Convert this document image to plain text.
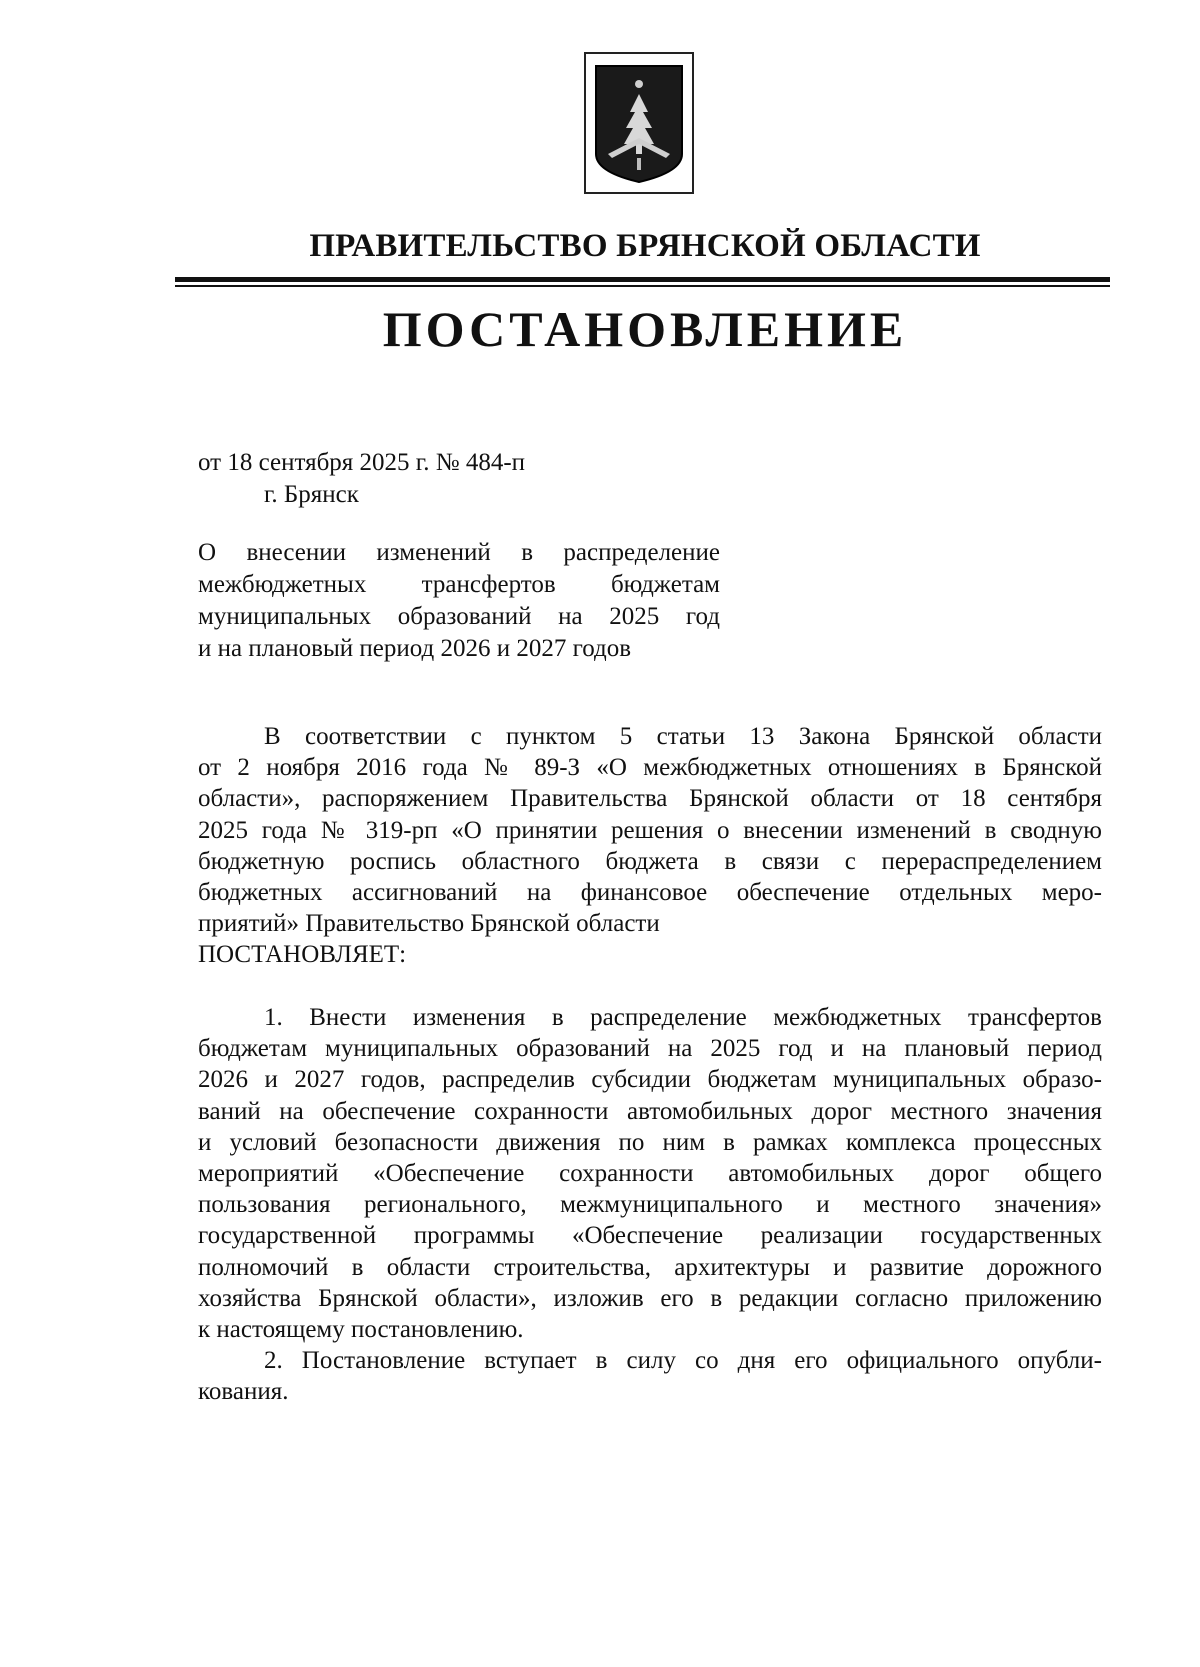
ПРАВИТЕЛЬСТВО БРЯНСКОЙ ОБЛАСТИ
ПОСТАНОВЛЕНИЕ
от 18 сентября 2025 г. № 484-п
г. Брянск
О внесении изменений в распределение
межбюджетных трансфертов бюджетам
муниципальных образований на 2025 год
и на плановый период 2026 и 2027 годов
В соответствии с пунктом 5 статьи 13 Закона Брянской области
от 2 ноября 2016 года № 89-З «О межбюджетных отношениях в Брянской
области», распоряжением Правительства Брянской области от 18 сентября
2025 года № 319-рп «О принятии решения о внесении изменений в сводную
бюджетную роспись областного бюджета в связи с перераспределением
бюджетных ассигнований на финансовое обеспечение отдельных меро-
приятий» Правительство Брянской области
ПОСТАНОВЛЯЕТ:
1. Внести изменения в распределение межбюджетных трансфертов
бюджетам муниципальных образований на 2025 год и на плановый период
2026 и 2027 годов, распределив субсидии бюджетам муниципальных образо-
ваний на обеспечение сохранности автомобильных дорог местного значения
и условий безопасности движения по ним в рамках комплекса процессных
мероприятий «Обеспечение сохранности автомобильных дорог общего
пользования регионального, межмуниципального и местного значения»
государственной программы «Обеспечение реализации государственных
полномочий в области строительства, архитектуры и развитие дорожного
хозяйства Брянской области», изложив его в редакции согласно приложению
к настоящему постановлению.
2. Постановление вступает в силу со дня его официального опубли-
кования.
